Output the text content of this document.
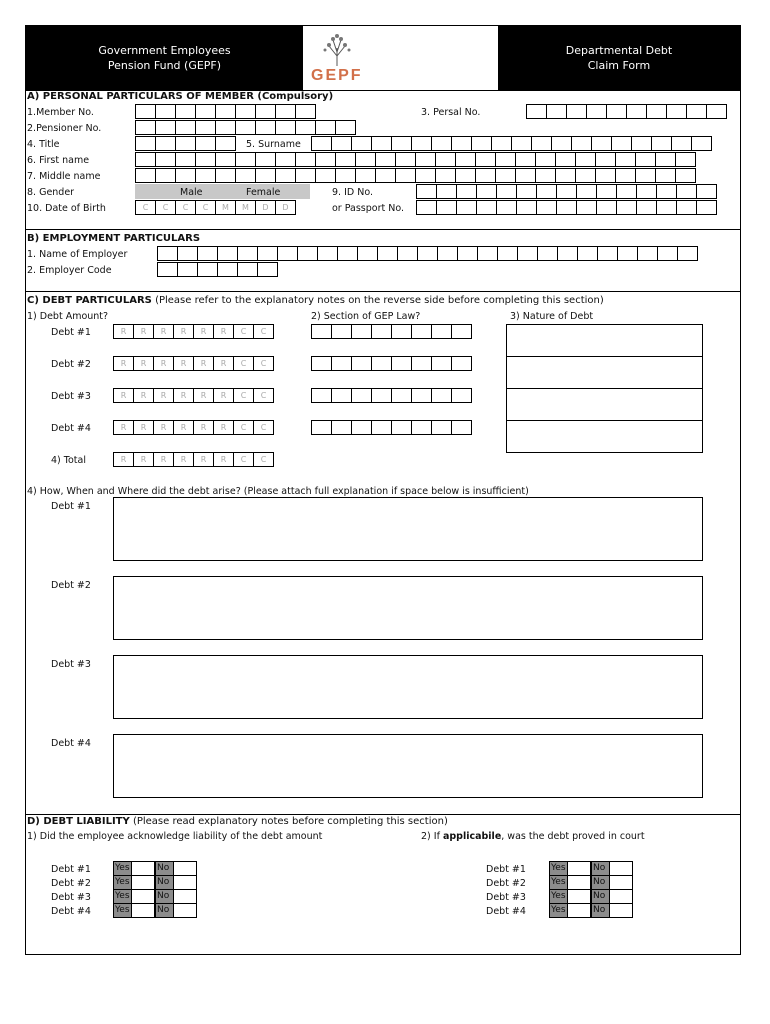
Government Employees
Pension Fund (GEPF)
GEPF
Departmental Debt
Claim Form
A) PERSONAL PARTICULARS OF MEMBER (Compulsory)
1.Member No.	3. Persal No.
2.Pensioner No.
4. Title	5. Surname
6. First name
7. Middle name
8. Gender	Male	Female	9. ID No.
10. Date of Birth	C	C	C	C	M	M	D	D	or Passport No.
B) EMPLOYMENT PARTICULARS
1. Name of Employer
2. Employer Code
C) DEBT PARTICULARS (Please refer to the explanatory notes on the reverse side before completing this section)
1) Debt Amount?	2) Section of GEP Law?	3) Nature of Debt
Debt #1	R	R	R	R	R	R	C	C
Debt #2	R	R	R	R	R	R	C	C
Debt #3	R	R	R	R	R	R	C	C
Debt #4	R	R	R	R	R	R	C	C
4) Total	R	R	R	R	R	R	C	C
4) How, When and Where did the debt arise? (Please attach full explanation if space below is insufficient)
Debt #1
Debt #2
Debt #3
Debt #4
D) DEBT LIABILITY (Please read explanatory notes before completing this section)
1) Did the employee acknowledge liability of the debt amount	2) If applicabile, was the debt proved in court
Debt #1	Yes	No
Debt #2	Yes	No
Debt #3	Yes	No
Debt #4	Yes	No
Debt #1	Yes	No
Debt #2	Yes	No
Debt #3	Yes	No
Debt #4	Yes	No
